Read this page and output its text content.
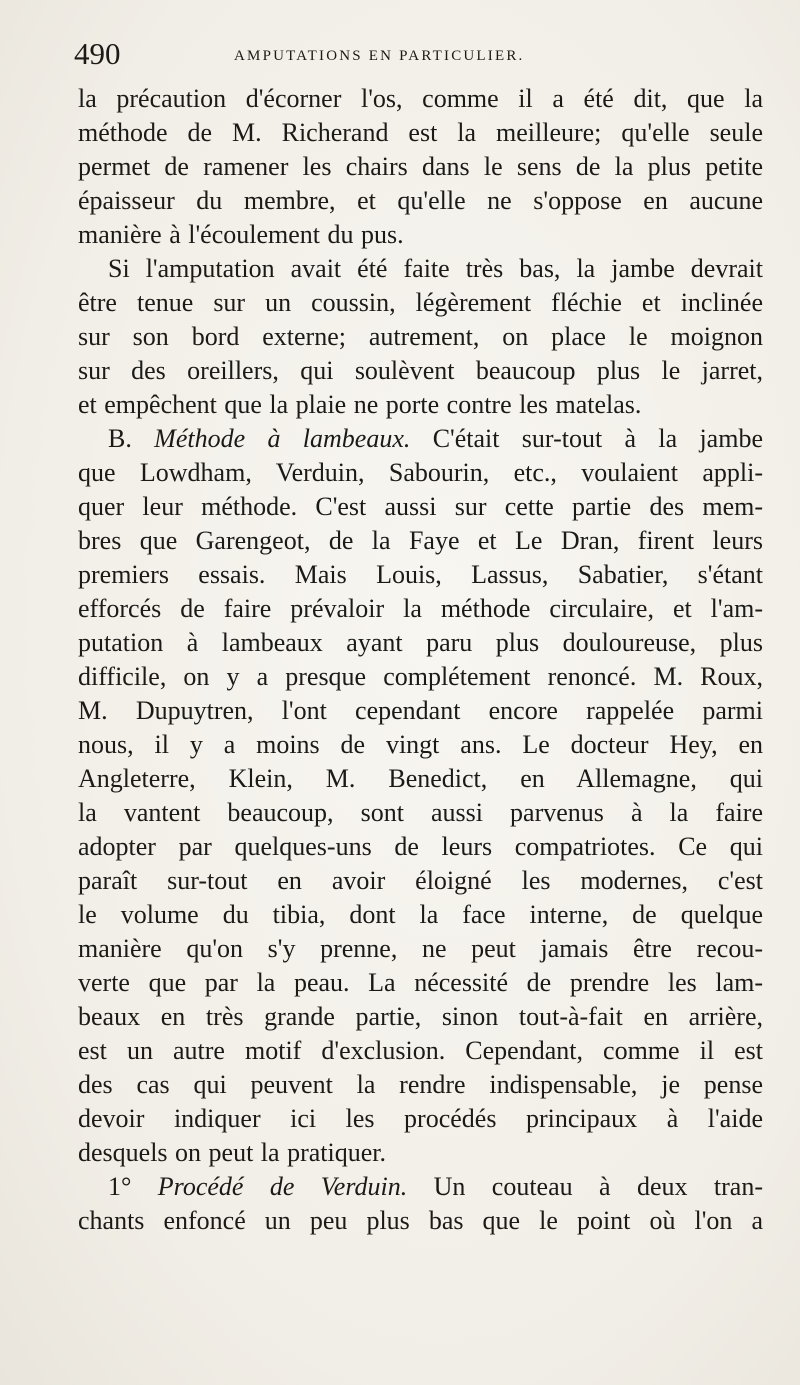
490	AMPUTATIONS EN PARTICULIER.
la précaution d'écorner l'os, comme il a été dit, que la
méthode de M. Richerand est la meilleure; qu'elle seule
permet de ramener les chairs dans le sens de la plus petite
épaisseur du membre, et qu'elle ne s'oppose en aucune
manière à l'écoulement du pus.
Si l'amputation avait été faite très bas, la jambe devrait
être tenue sur un coussin, légèrement fléchie et inclinée
sur son bord externe; autrement, on place le moignon
sur des oreillers, qui soulèvent beaucoup plus le jarret,
et empêchent que la plaie ne porte contre les matelas.
B. Méthode à lambeaux. C'était sur-tout à la jambe
que Lowdham, Verduin, Sabourin, etc., voulaient appli-
quer leur méthode. C'est aussi sur cette partie des mem-
bres que Garengeot, de la Faye et Le Dran, firent leurs
premiers essais. Mais Louis, Lassus, Sabatier, s'étant
efforcés de faire prévaloir la méthode circulaire, et l'am-
putation à lambeaux ayant paru plus douloureuse, plus
difficile, on y a presque complétement renoncé. M. Roux,
M. Dupuytren, l'ont cependant encore rappelée parmi
nous, il y a moins de vingt ans. Le docteur Hey, en
Angleterre, Klein, M. Benedict, en Allemagne, qui
la vantent beaucoup, sont aussi parvenus à la faire
adopter par quelques-uns de leurs compatriotes. Ce qui
paraît sur-tout en avoir éloigné les modernes, c'est
le volume du tibia, dont la face interne, de quelque
manière qu'on s'y prenne, ne peut jamais être recou-
verte que par la peau. La nécessité de prendre les lam-
beaux en très grande partie, sinon tout-à-fait en arrière,
est un autre motif d'exclusion. Cependant, comme il est
des cas qui peuvent la rendre indispensable, je pense
devoir indiquer ici les procédés principaux à l'aide
desquels on peut la pratiquer.
1° Procédé de Verduin. Un couteau à deux tran-
chants enfoncé un peu plus bas que le point où l'on a
